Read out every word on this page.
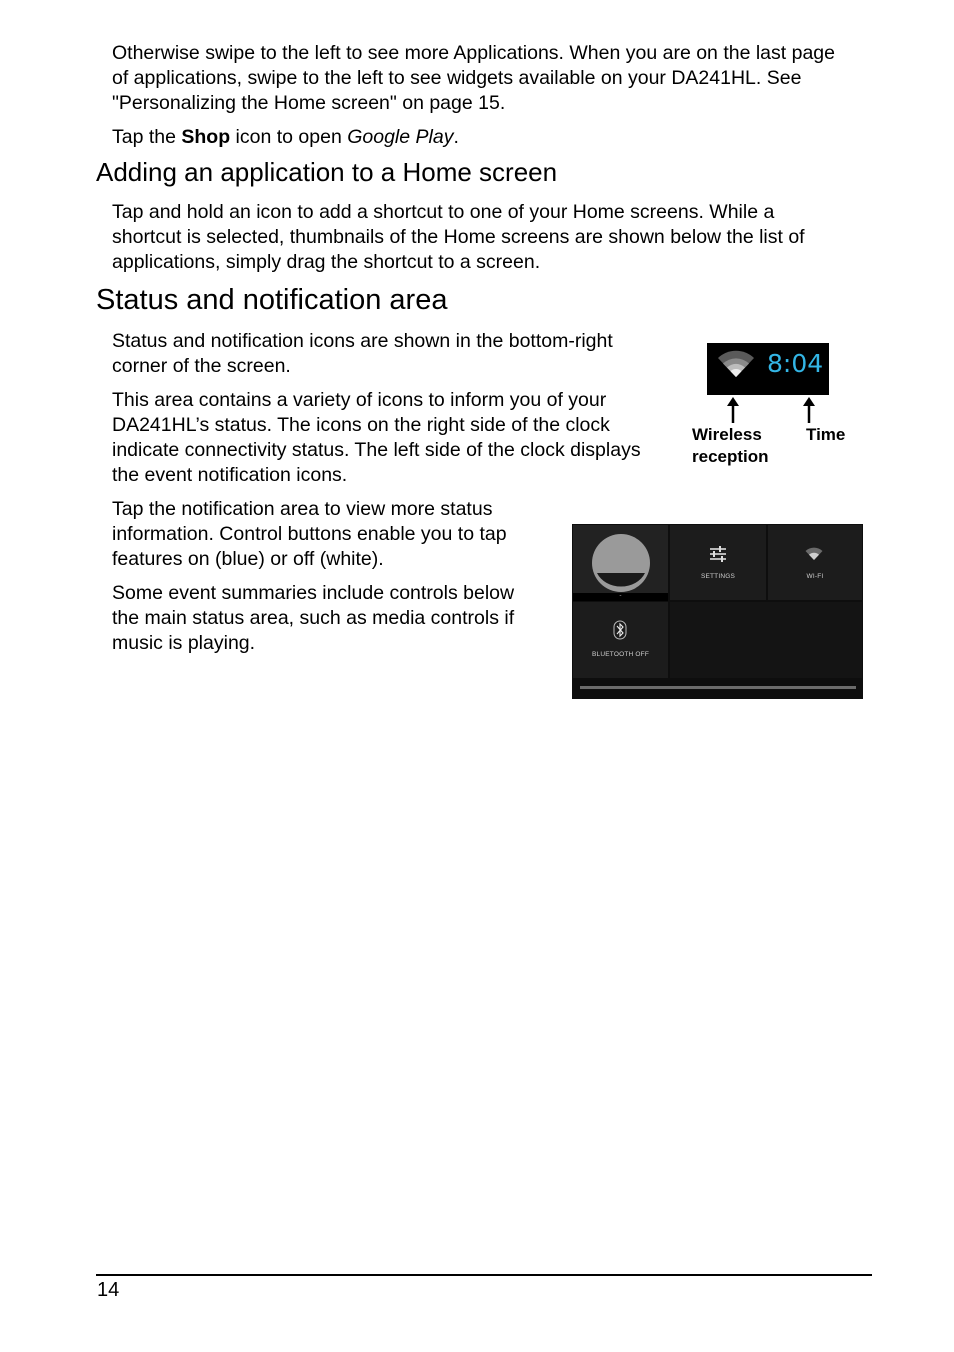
Otherwise swipe to the left to see more Applications. When you are on the last page
of applications, swipe to the left to see widgets available on your DA241HL. See
"Personalizing the Home screen" on page 15.

Tap the Shop icon to open Google Play.

Adding an application to a Home screen

Tap and hold an icon to add a shortcut to one of your Home screens. While a
shortcut is selected, thumbnails of the Home screens are shown below the list of
applications, simply drag the shortcut to a screen.

Status and notification area

Status and notification icons are shown in the bottom-right
corner of the screen.

This area contains a variety of icons to inform you of your
DA241HL’s status. The icons on the right side of the clock
indicate connectivity status. The left side of the clock displays
the event notification icons.

Tap the notification area to view more status
information. Control buttons enable you to tap
features on (blue) or off (white).

Some event summaries include controls below
the main status area, such as media controls if
music is playing.

8:04

Wireless
reception

Time

-
SETTINGS	WI-FI
BLUETOOTH OFF

14
